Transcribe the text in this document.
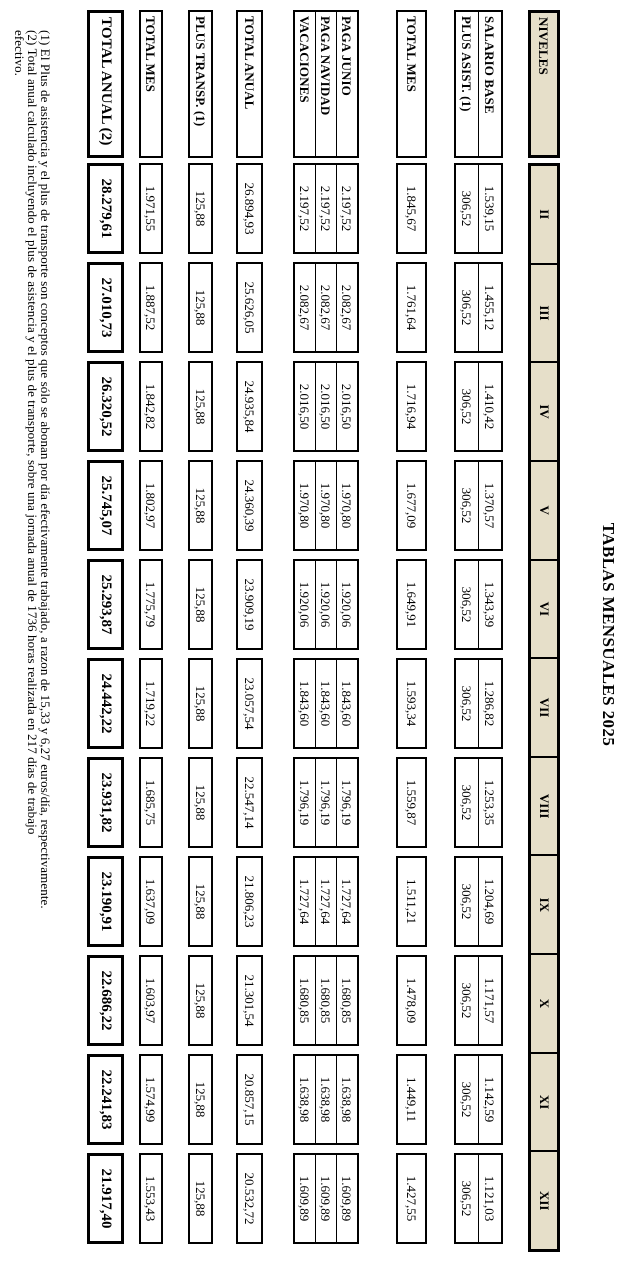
TABLAS MENSUALES 2025
NIVELES
II
III
IV
V
VI
VII
VIII
IX
X
XI
XII
SALARIO BASE
PLUS ASIST. (1)
1.539,15
306,52
1.455,12
306,52
1.410,42
306,52
1.370,57
306,52
1.343,39
306,52
1.286,82
306,52
1.253,35
306,52
1.204,69
306,52
1.171,57
306,52
1.142,59
306,52
1.121,03
306,52
TOTAL MES
1.845,67
1.761,64
1.716,94
1.677,09
1.649,91
1.593,34
1.559,87
1.511,21
1.478,09
1.449,11
1.427,55
PAGA JUNIO
PAGA NAVIDAD
VACACIONES
2.197,52
2.197,52
2.197,52
2.082,67
2.082,67
2.082,67
2.016,50
2.016,50
2.016,50
1.970,80
1.970,80
1.970,80
1.920,06
1.920,06
1.920,06
1.843,60
1.843,60
1.843,60
1.796,19
1.796,19
1.796,19
1.727,64
1.727,64
1.727,64
1.680,85
1.680,85
1.680,85
1.638,98
1.638,98
1.638,98
1.609,89
1.609,89
1.609,89
TOTAL ANUAL
26.894,93
25.626,05
24.935,84
24.360,39
23.909,19
23.057,54
22.547,14
21.806,23
21.301,54
20.857,15
20.532,72
PLUS TRANSP. (1)
125,88
125,88
125,88
125,88
125,88
125,88
125,88
125,88
125,88
125,88
125,88
TOTAL MES
1.971,55
1.887,52
1.842,82
1.802,97
1.775,79
1.719,22
1.685,75
1.637,09
1.603,97
1.574,99
1.553,43
TOTAL ANUAL (2)
28.279,61
27.010,73
26.320,52
25.745,07
25.293,87
24.442,22
23.931,82
23.190,91
22.686,22
22.241,83
21.917,40
(1) El Plus de asistencia y el plus de transporte son conceptos que sólo se abonan por día efectivamente trabajado, a razon de 15,33 y 6,27 euros/día, respectivamente.
(2) Total anual calculado incluyendo el plus de asistencia y el plus de transporte, sobre una jornada anual de 1736 horas realizada en 217 días de trabajo
efectivo.
